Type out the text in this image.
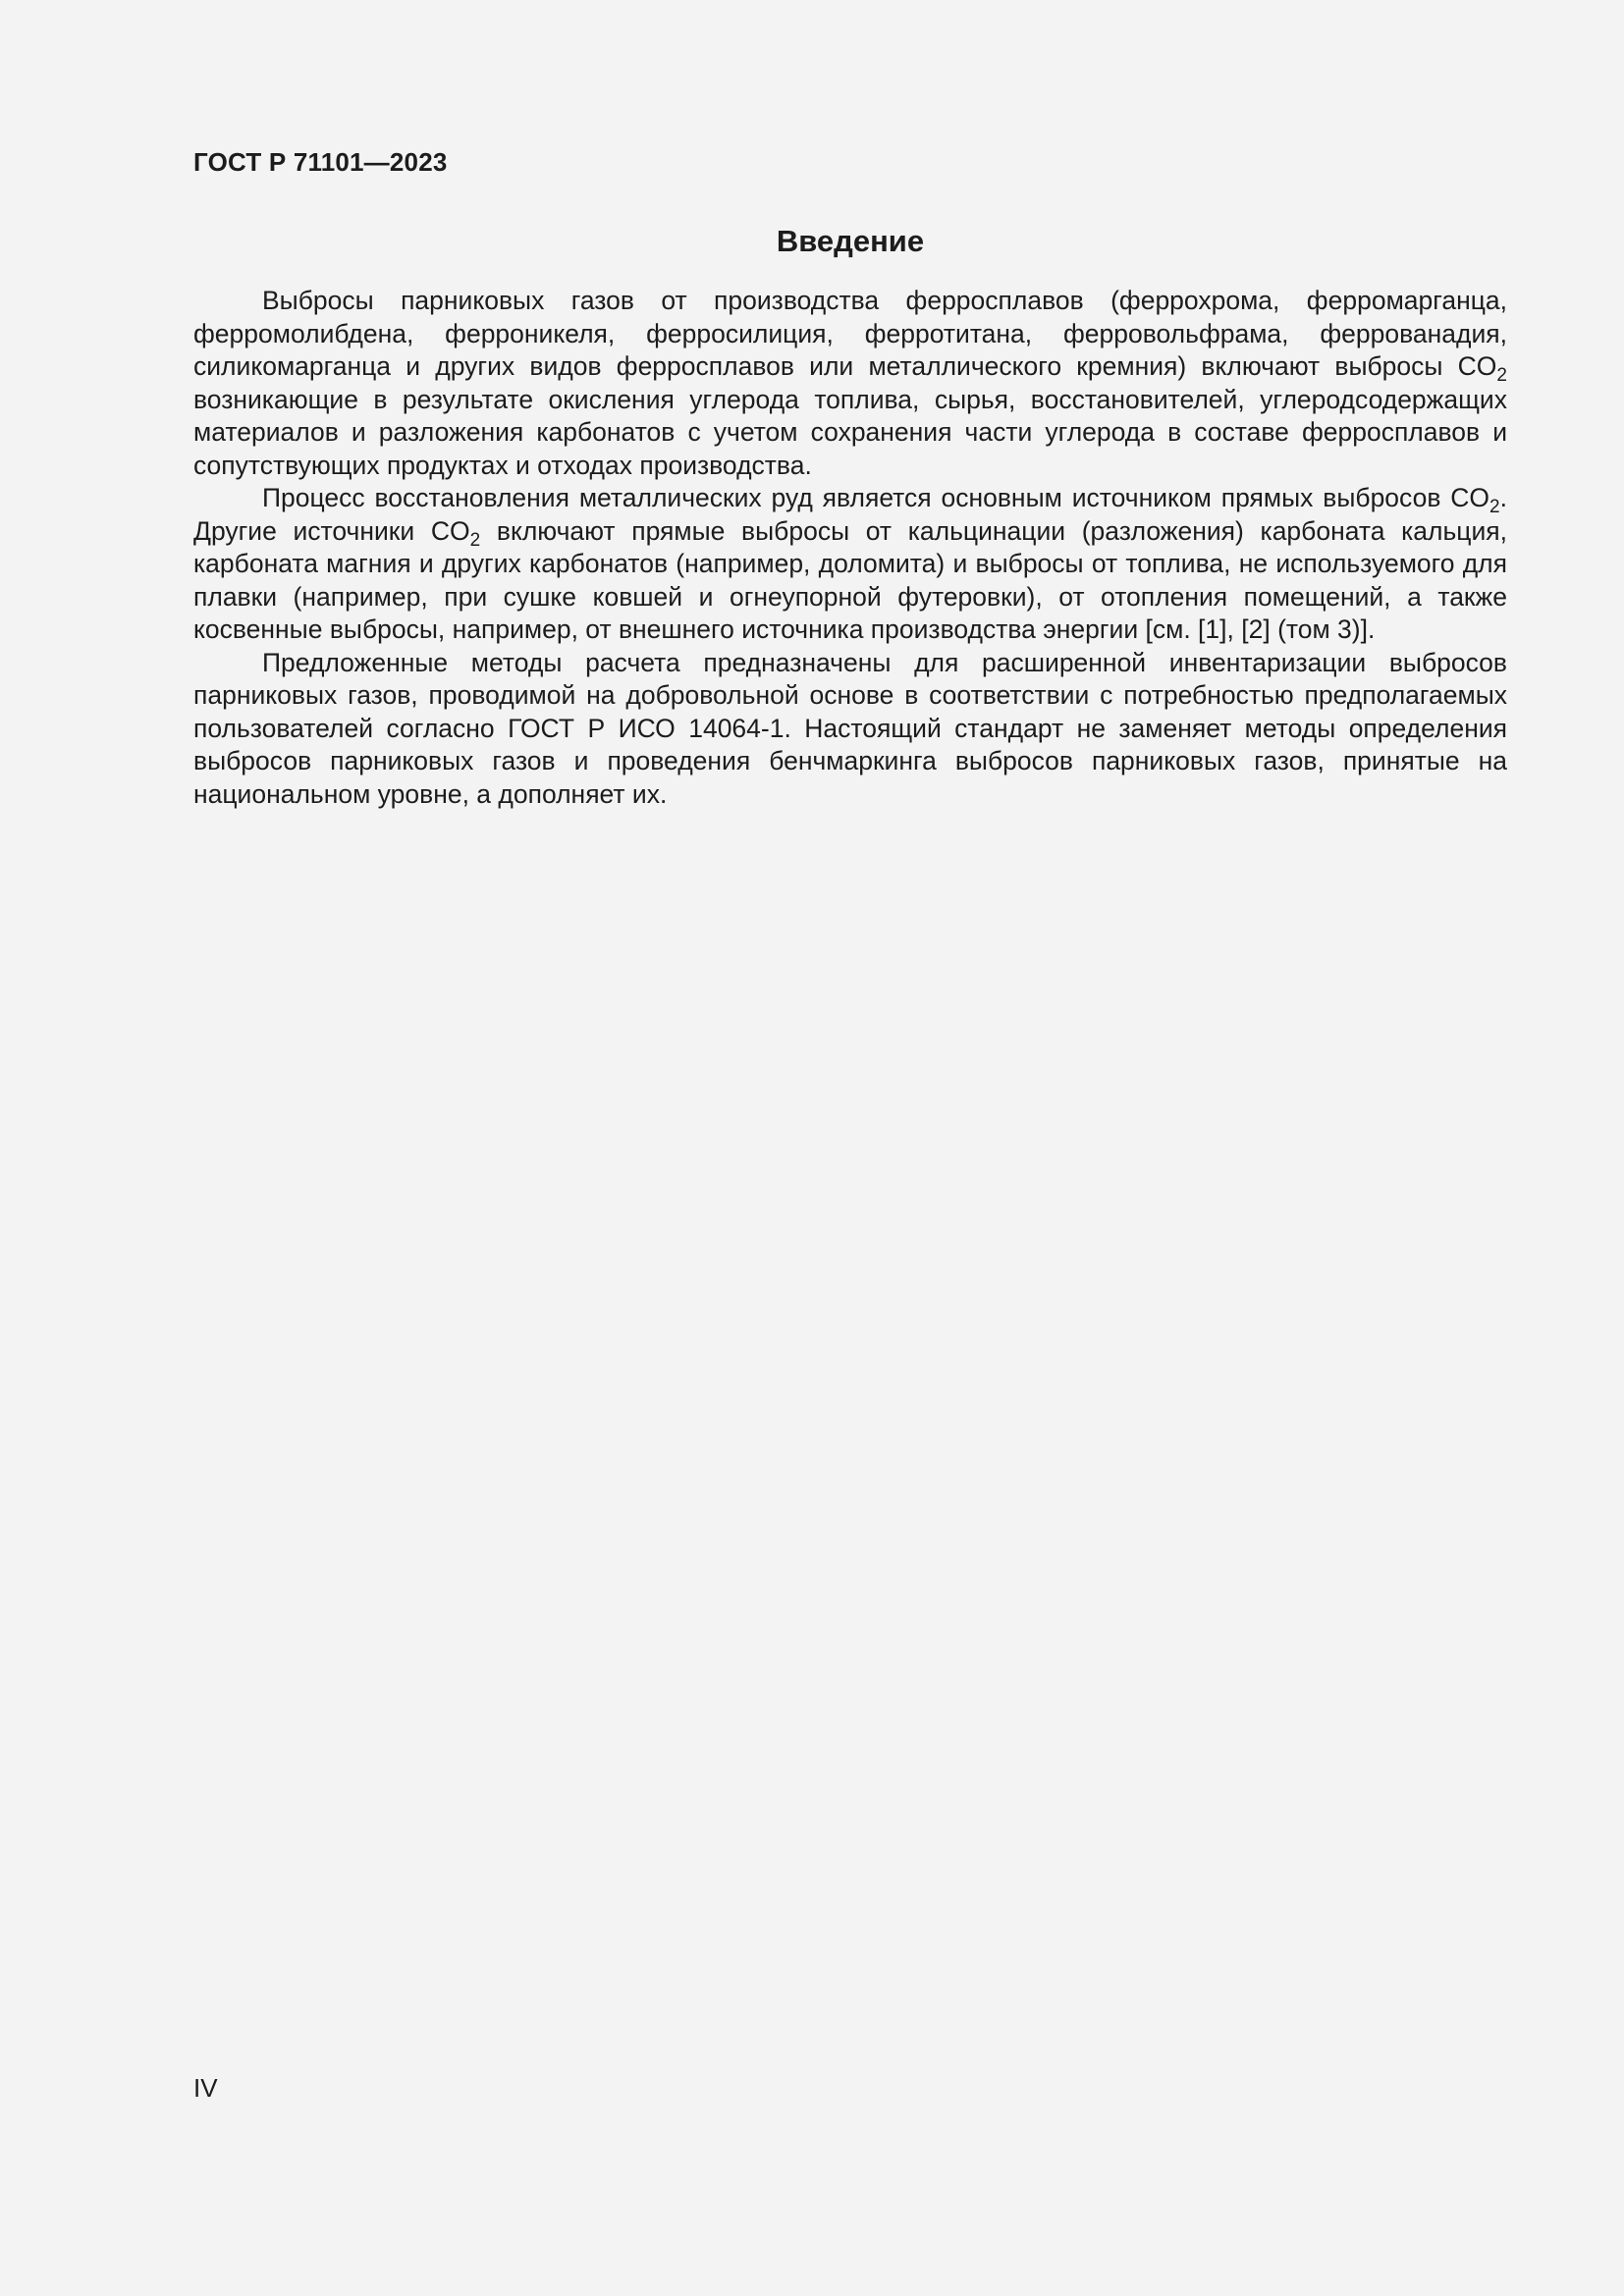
ГОСТ Р 71101—2023
Введение

Выбросы парниковых газов от производства ферросплавов (феррохрома, ферромарганца, ферромолибдена, ферроникеля, ферросилиция, ферротитана, ферровольфрама, феррованадия, силикомарганца и других видов ферросплавов или металлического кремния) включают выбросы $CO_2$ возникающие в результате окисления углерода топлива, сырья, восстановителей, углеродсодержащих материалов и разложения карбонатов с учетом сохранения части углерода в составе ферросплавов и сопутствующих продуктах и отходах производства.

Процесс восстановления металлических руд является основным источником прямых выбросов $CO_2$. Другие источники $CO_2$ включают прямые выбросы от кальцинации (разложения) карбоната кальция, карбоната магния и других карбонатов (например, доломита) и выбросы от топлива, не используемого для плавки (например, при сушке ковшей и огнеупорной футеровки), от отопления помещений, а также косвенные выбросы, например, от внешнего источника производства энергии [см. [1], [2] (том 3)].

Предложенные методы расчета предназначены для расширенной инвентаризации выбросов парниковых газов, проводимой на добровольной основе в соответствии с потребностью предполагаемых пользователей согласно ГОСТ Р ИСО 14064-1. Настоящий стандарт не заменяет методы определения выбросов парниковых газов и проведения бенчмаркинга выбросов парниковых газов, принятые на национальном уровне, а дополняет их.

IV
